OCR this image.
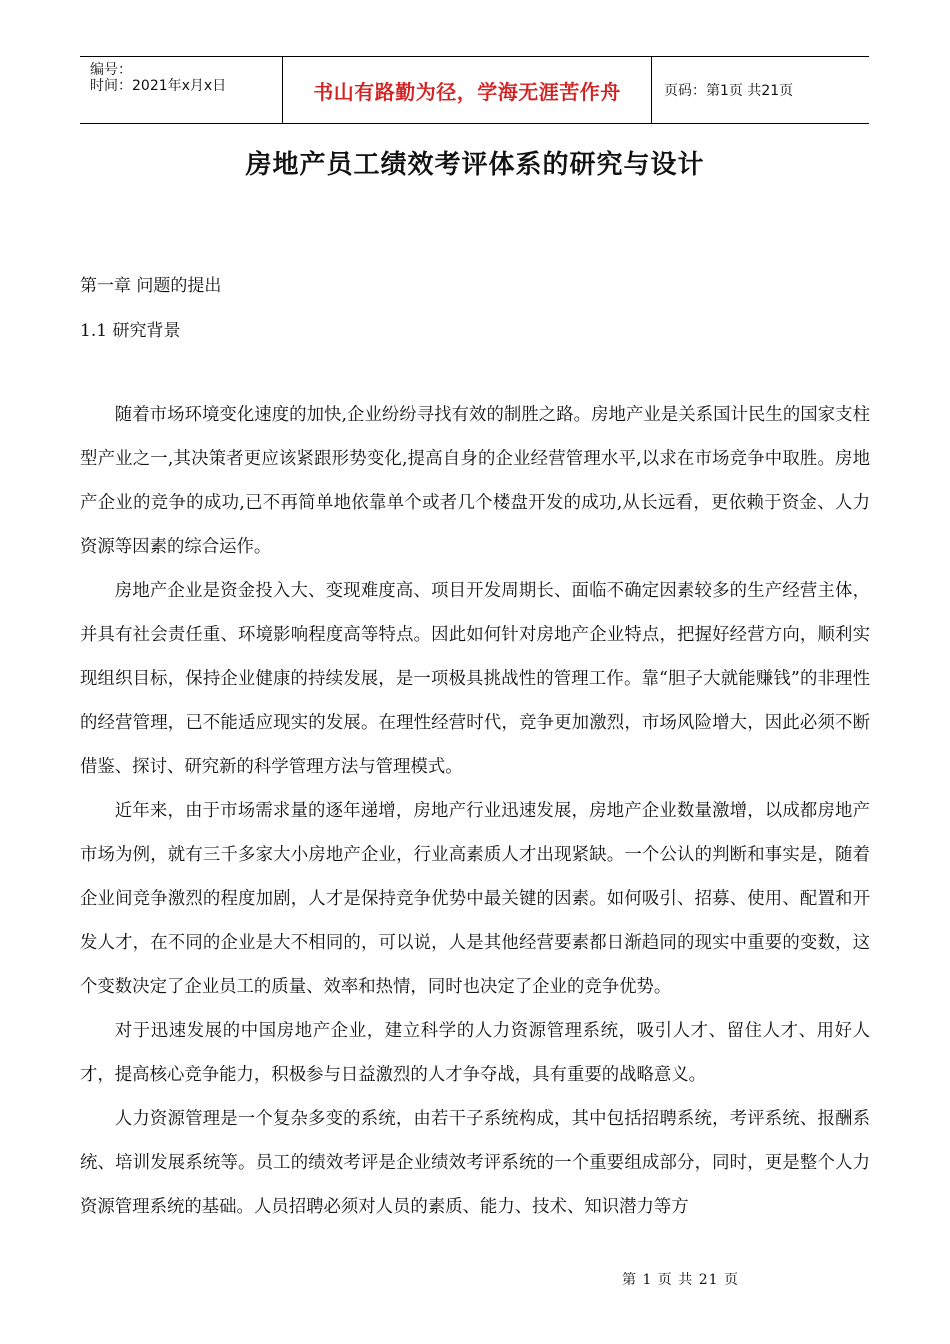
编号：
时间：2021年x月x日	书山有路勤为径，学海无涯苦作舟	页码：第1页 共21页
房地产员工绩效考评体系的研究与设计
第一章 问题的提出
1.1 研究背景

随着市场环境变化速度的加快,企业纷纷寻找有效的制胜之路。房地产业是关系国计民生的国家支柱型产业之一,其决策者更应该紧跟形势变化,提高自身的企业经营管理水平,以求在市场竞争中取胜。房地产企业的竞争的成功,已不再简单地依靠单个或者几个楼盘开发的成功,从长远看，更依赖于资金、人力资源等因素的综合运作。

房地产企业是资金投入大、变现难度高、项目开发周期长、面临不确定因素较多的生产经营主体，并具有社会责任重、环境影响程度高等特点。因此如何针对房地产企业特点，把握好经营方向，顺利实现组织目标，保持企业健康的持续发展，是一项极具挑战性的管理工作。靠“胆子大就能赚钱”的非理性的经营管理，已不能适应现实的发展。在理性经营时代，竞争更加激烈，市场风险增大，因此必须不断借鉴、探讨、研究新的科学管理方法与管理模式。

近年来，由于市场需求量的逐年递增，房地产行业迅速发展，房地产企业数量激增，以成都房地产市场为例，就有三千多家大小房地产企业，行业高素质人才出现紧缺。一个公认的判断和事实是，随着企业间竞争激烈的程度加剧，人才是保持竞争优势中最关键的因素。如何吸引、招募、使用、配置和开发人才，在不同的企业是大不相同的，可以说，人是其他经营要素都日渐趋同的现实中重要的变数，这个变数决定了企业员工的质量、效率和热情，同时也决定了企业的竞争优势。

对于迅速发展的中国房地产企业，建立科学的人力资源管理系统，吸引人才、留住人才、用好人才，提高核心竞争能力，积极参与日益激烈的人才争夺战，具有重要的战略意义。

人力资源管理是一个复杂多变的系统，由若干子系统构成，其中包括招聘系统，考评系统、报酬系统、培训发展系统等。员工的绩效考评是企业绩效考评系统的一个重要组成部分，同时，更是整个人力资源管理系统的基础。人员招聘必须对人员的素质、能力、技术、知识潜力等方

第 1 页 共 21 页
